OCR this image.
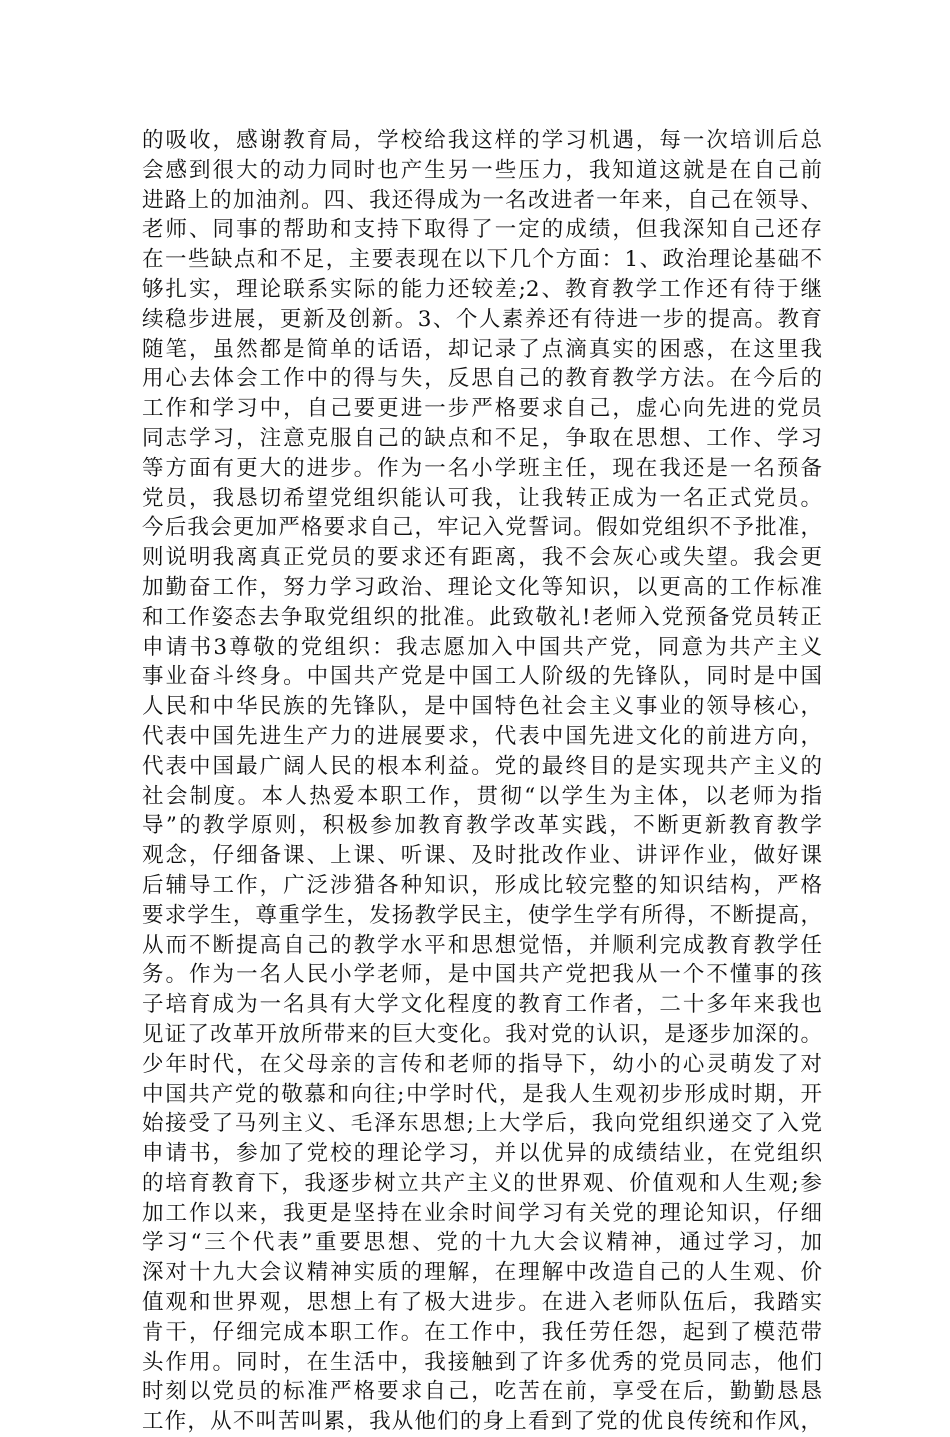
的吸收，感谢教育局，学校给我这样的学习机遇，每一次培训后总
会感到很大的动力同时也产生另一些压力，我知道这就是在自己前
进路上的加油剂。四、我还得成为一名改进者一年来，自己在领导、
老师、同事的帮助和支持下取得了一定的成绩，但我深知自己还存
在一些缺点和不足，主要表现在以下几个方面：1、政治理论基础不
够扎实，理论联系实际的能力还较差;2、教育教学工作还有待于继
续稳步进展，更新及创新。3、个人素养还有待进一步的提高。教育
随笔，虽然都是简单的话语，却记录了点滴真实的困惑，在这里我
用心去体会工作中的得与失，反思自己的教育教学方法。在今后的
工作和学习中，自己要更进一步严格要求自己，虚心向先进的党员
同志学习，注意克服自己的缺点和不足，争取在思想、工作、学习
等方面有更大的进步。作为一名小学班主任，现在我还是一名预备
党员，我恳切希望党组织能认可我，让我转正成为一名正式党员。
今后我会更加严格要求自己，牢记入党誓词。假如党组织不予批准，
则说明我离真正党员的要求还有距离，我不会灰心或失望。我会更
加勤奋工作，努力学习政治、理论文化等知识，以更高的工作标准
和工作姿态去争取党组织的批准。此致敬礼!老师入党预备党员转正
申请书3尊敬的党组织：我志愿加入中国共产党，同意为共产主义
事业奋斗终身。中国共产党是中国工人阶级的先锋队，同时是中国
人民和中华民族的先锋队，是中国特色社会主义事业的领导核心，
代表中国先进生产力的进展要求，代表中国先进文化的前进方向，
代表中国最广阔人民的根本利益。党的最终目的是实现共产主义的
社会制度。本人热爱本职工作，贯彻“以学生为主体，以老师为指
导”的教学原则，积极参加教育教学改革实践，不断更新教育教学
观念，仔细备课、上课、听课、及时批改作业、讲评作业，做好课
后辅导工作，广泛涉猎各种知识，形成比较完整的知识结构，严格
要求学生，尊重学生，发扬教学民主，使学生学有所得，不断提高，
从而不断提高自己的教学水平和思想觉悟，并顺利完成教育教学任
务。作为一名人民小学老师，是中国共产党把我从一个不懂事的孩
子培育成为一名具有大学文化程度的教育工作者，二十多年来我也
见证了改革开放所带来的巨大变化。我对党的认识，是逐步加深的。
少年时代，在父母亲的言传和老师的指导下，幼小的心灵萌发了对
中国共产党的敬慕和向往;中学时代，是我人生观初步形成时期，开
始接受了马列主义、毛泽东思想;上大学后，我向党组织递交了入党
申请书，参加了党校的理论学习，并以优异的成绩结业，在党组织
的培育教育下，我逐步树立共产主义的世界观、价值观和人生观;参
加工作以来，我更是坚持在业余时间学习有关党的理论知识，仔细
学习“三个代表”重要思想、党的十九大会议精神，通过学习，加
深对十九大会议精神实质的理解，在理解中改造自己的人生观、价
值观和世界观，思想上有了极大进步。在进入老师队伍后，我踏实
肯干，仔细完成本职工作。在工作中，我任劳任怨，起到了模范带
头作用。同时，在生活中，我接触到了许多优秀的党员同志，他们
时刻以党员的标准严格要求自己，吃苦在前，享受在后，勤勤恳恳
工作，从不叫苦叫累，我从他们的身上看到了党的优良传统和作风，
